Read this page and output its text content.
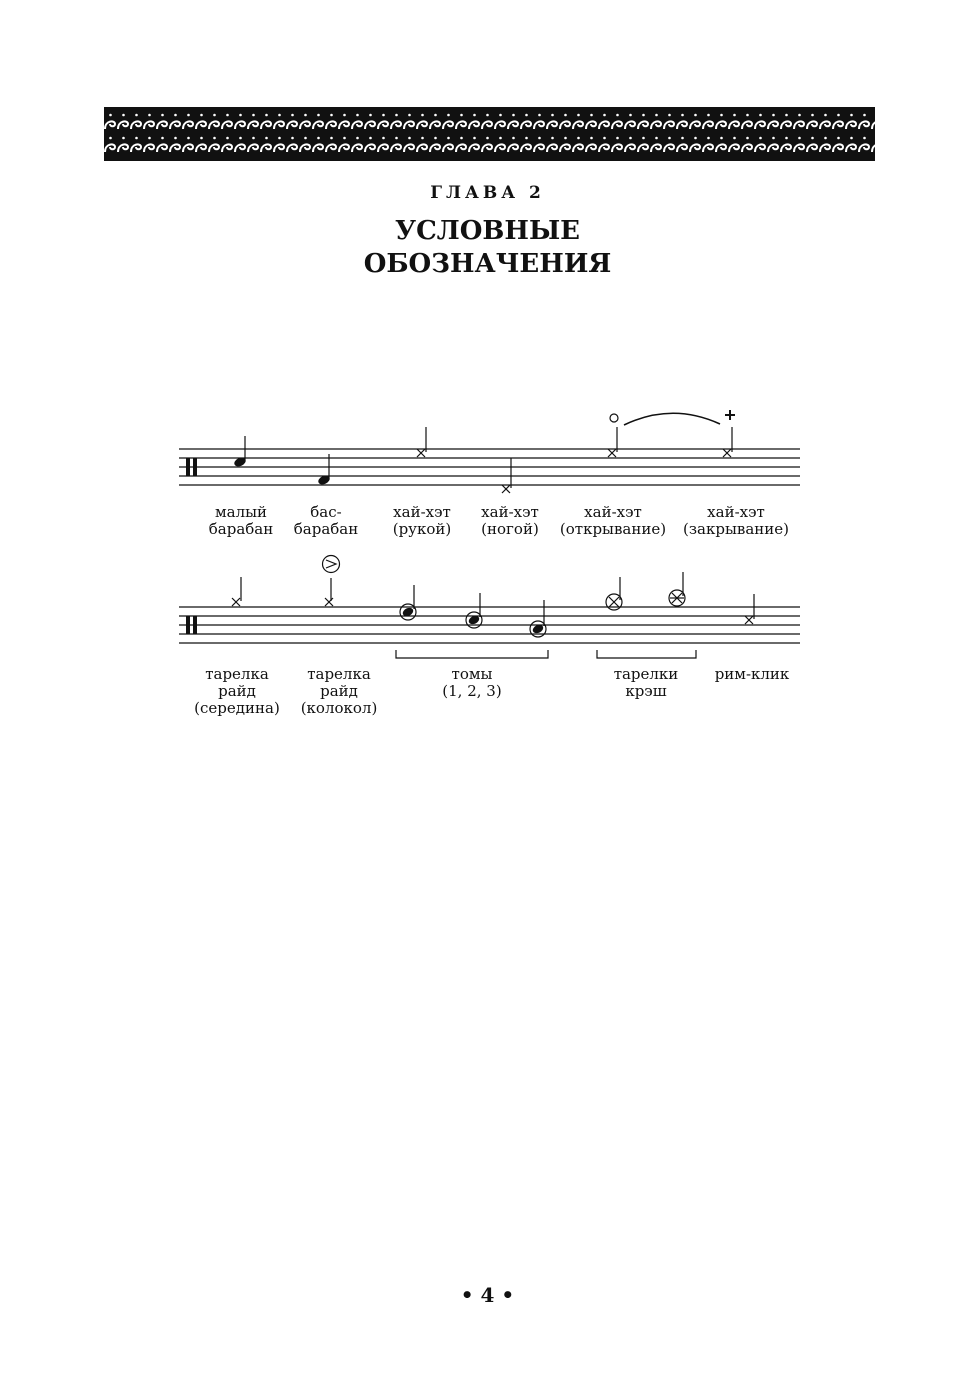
ГЛАВА 2
УСЛОВНЫЕ
ОБОЗНАЧЕНИЯ
малый
барабан
бас-
барабан
хай-хэт
(рукой)
хай-хэт
(ногой)
хай-хэт
(открывание)
хай-хэт
(закрывание)
тарелка
райд
(середина)
тарелка
райд
(колокол)
томы
(1, 2, 3)
тарелки
крэш
рим-клик
• 4 •
